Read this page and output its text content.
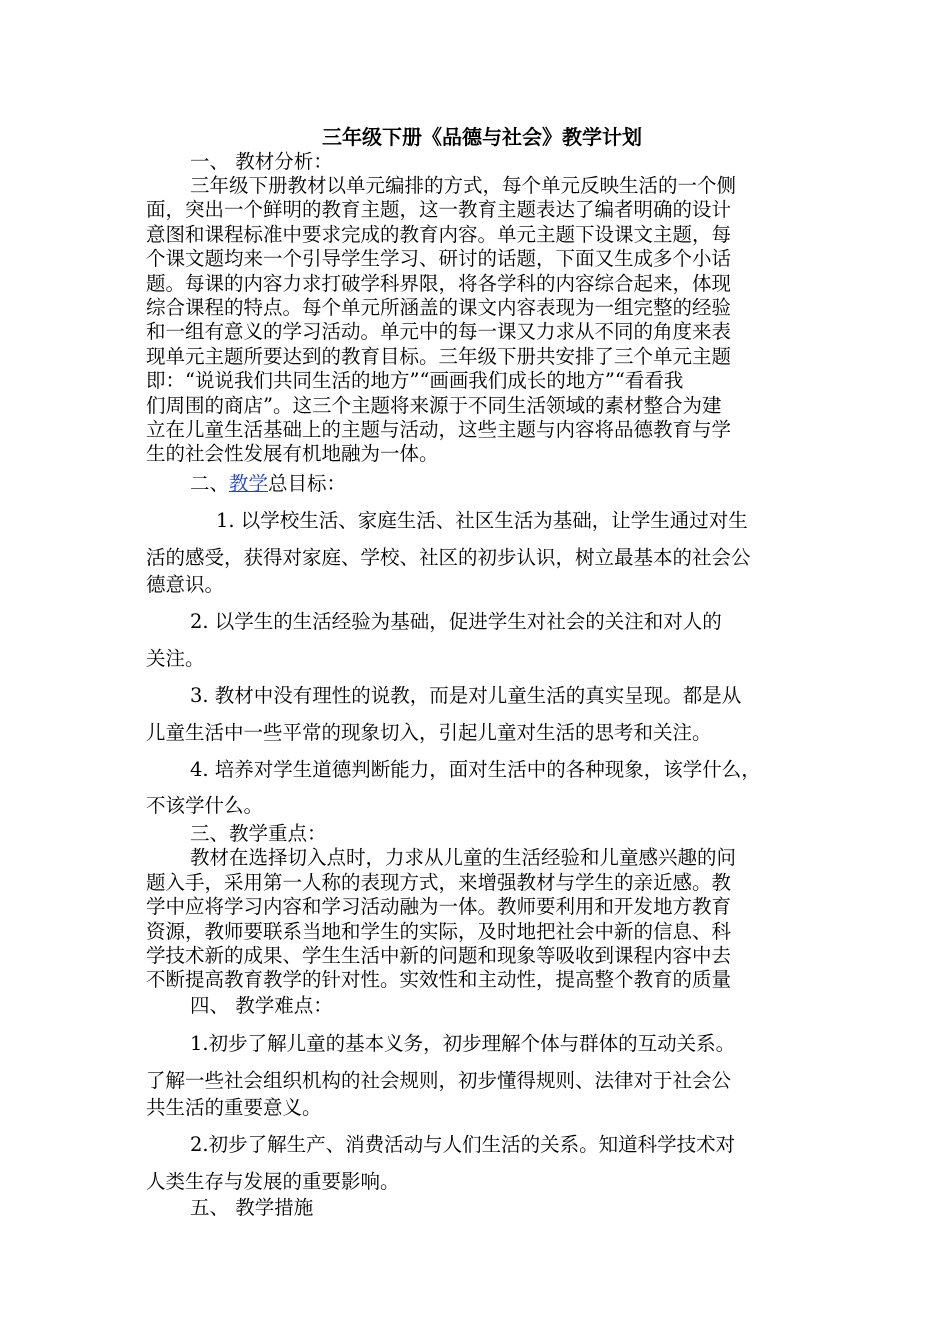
三年级下册《品德与社会》教学计划
一、 教材分析：
三年级下册教材以单元编排的方式，每个单元反映生活的一个侧
面，突出一个鲜明的教育主题，这一教育主题表达了编者明确的设计
意图和课程标准中要求完成的教育内容。单元主题下设课文主题，每
个课文题均来一个引导学生学习、研讨的话题，下面又生成多个小话
题。每课的内容力求打破学科界限，将各学科的内容综合起来，体现
综合课程的特点。每个单元所涵盖的课文内容表现为一组完整的经验
和一组有意义的学习活动。单元中的每一课又力求从不同的角度来表
现单元主题所要达到的教育目标。三年级下册共安排了三个单元主题
即：“说说我们共同生活的地方”“画画我们成长的地方”“看看我
们周围的商店”。这三个主题将来源于不同生活领域的素材整合为建
立在儿童生活基础上的主题与活动，这些主题与内容将品德教育与学
生的社会性发展有机地融为一体。
二、教学总目标：
1. 以学校生活、家庭生活、社区生活为基础，让学生通过对生
活的感受，获得对家庭、学校、社区的初步认识，树立最基本的社会公
德意识。
2. 以学生的生活经验为基础，促进学生对社会的关注和对人的
关注。
3. 教材中没有理性的说教，而是对儿童生活的真实呈现。都是从
儿童生活中一些平常的现象切入，引起儿童对生活的思考和关注。
4. 培养对学生道德判断能力，面对生活中的各种现象，该学什么，
不该学什么。
三、教学重点：
教材在选择切入点时，力求从儿童的生活经验和儿童感兴趣的问
题入手，采用第一人称的表现方式，来增强教材与学生的亲近感。教
学中应将学习内容和学习活动融为一体。教师要利用和开发地方教育
资源，教师要联系当地和学生的实际，及时地把社会中新的信息、科
学技术新的成果、学生生活中新的问题和现象等吸收到课程内容中去
不断提高教育教学的针对性。实效性和主动性，提高整个教育的质量
四、 教学难点：
1.初步了解儿童的基本义务，初步理解个体与群体的互动关系。
了解一些社会组织机构的社会规则，初步懂得规则、法律对于社会公
共生活的重要意义。
2.初步了解生产、消费活动与人们生活的关系。知道科学技术对
人类生存与发展的重要影响。
五、 教学措施
